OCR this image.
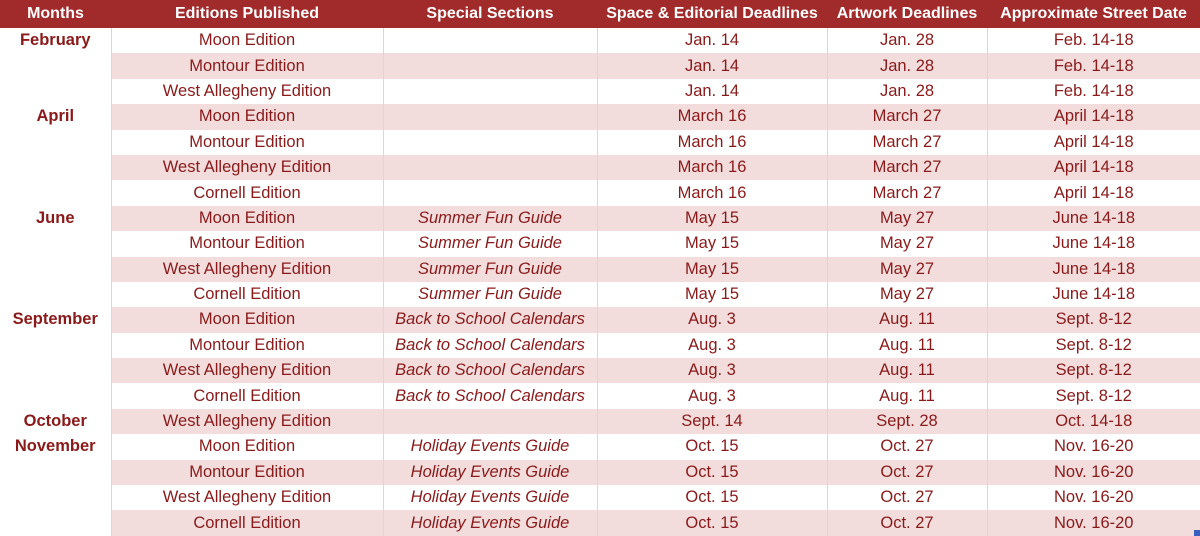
Months	Editions Published	Special Sections	Space & Editorial Deadlines	Artwork Deadlines	Approximate Street Date
February	Moon Edition		Jan. 14	Jan. 28	Feb. 14-18
	Montour Edition		Jan. 14	Jan. 28	Feb. 14-18
	West Allegheny Edition		Jan. 14	Jan. 28	Feb. 14-18
April	Moon Edition		March 16	March 27	April 14-18
	Montour Edition		March 16	March 27	April 14-18
	West Allegheny Edition		March 16	March 27	April 14-18
	Cornell Edition		March 16	March 27	April 14-18
June	Moon Edition	Summer Fun Guide	May 15	May 27	June 14-18
	Montour Edition	Summer Fun Guide	May 15	May 27	June 14-18
	West Allegheny Edition	Summer Fun Guide	May 15	May 27	June 14-18
	Cornell Edition	Summer Fun Guide	May 15	May 27	June 14-18
September	Moon Edition	Back to School Calendars	Aug. 3	Aug. 11	Sept. 8-12
	Montour Edition	Back to School Calendars	Aug. 3	Aug. 11	Sept. 8-12
	West Allegheny Edition	Back to School Calendars	Aug. 3	Aug. 11	Sept. 8-12
	Cornell Edition	Back to School Calendars	Aug. 3	Aug. 11	Sept. 8-12
October	West Allegheny Edition		Sept. 14	Sept. 28	Oct. 14-18
November	Moon Edition	Holiday Events Guide	Oct. 15	Oct. 27	Nov. 16-20
	Montour Edition	Holiday Events Guide	Oct. 15	Oct. 27	Nov. 16-20
	West Allegheny Edition	Holiday Events Guide	Oct. 15	Oct. 27	Nov. 16-20
	Cornell Edition	Holiday Events Guide	Oct. 15	Oct. 27	Nov. 16-20
